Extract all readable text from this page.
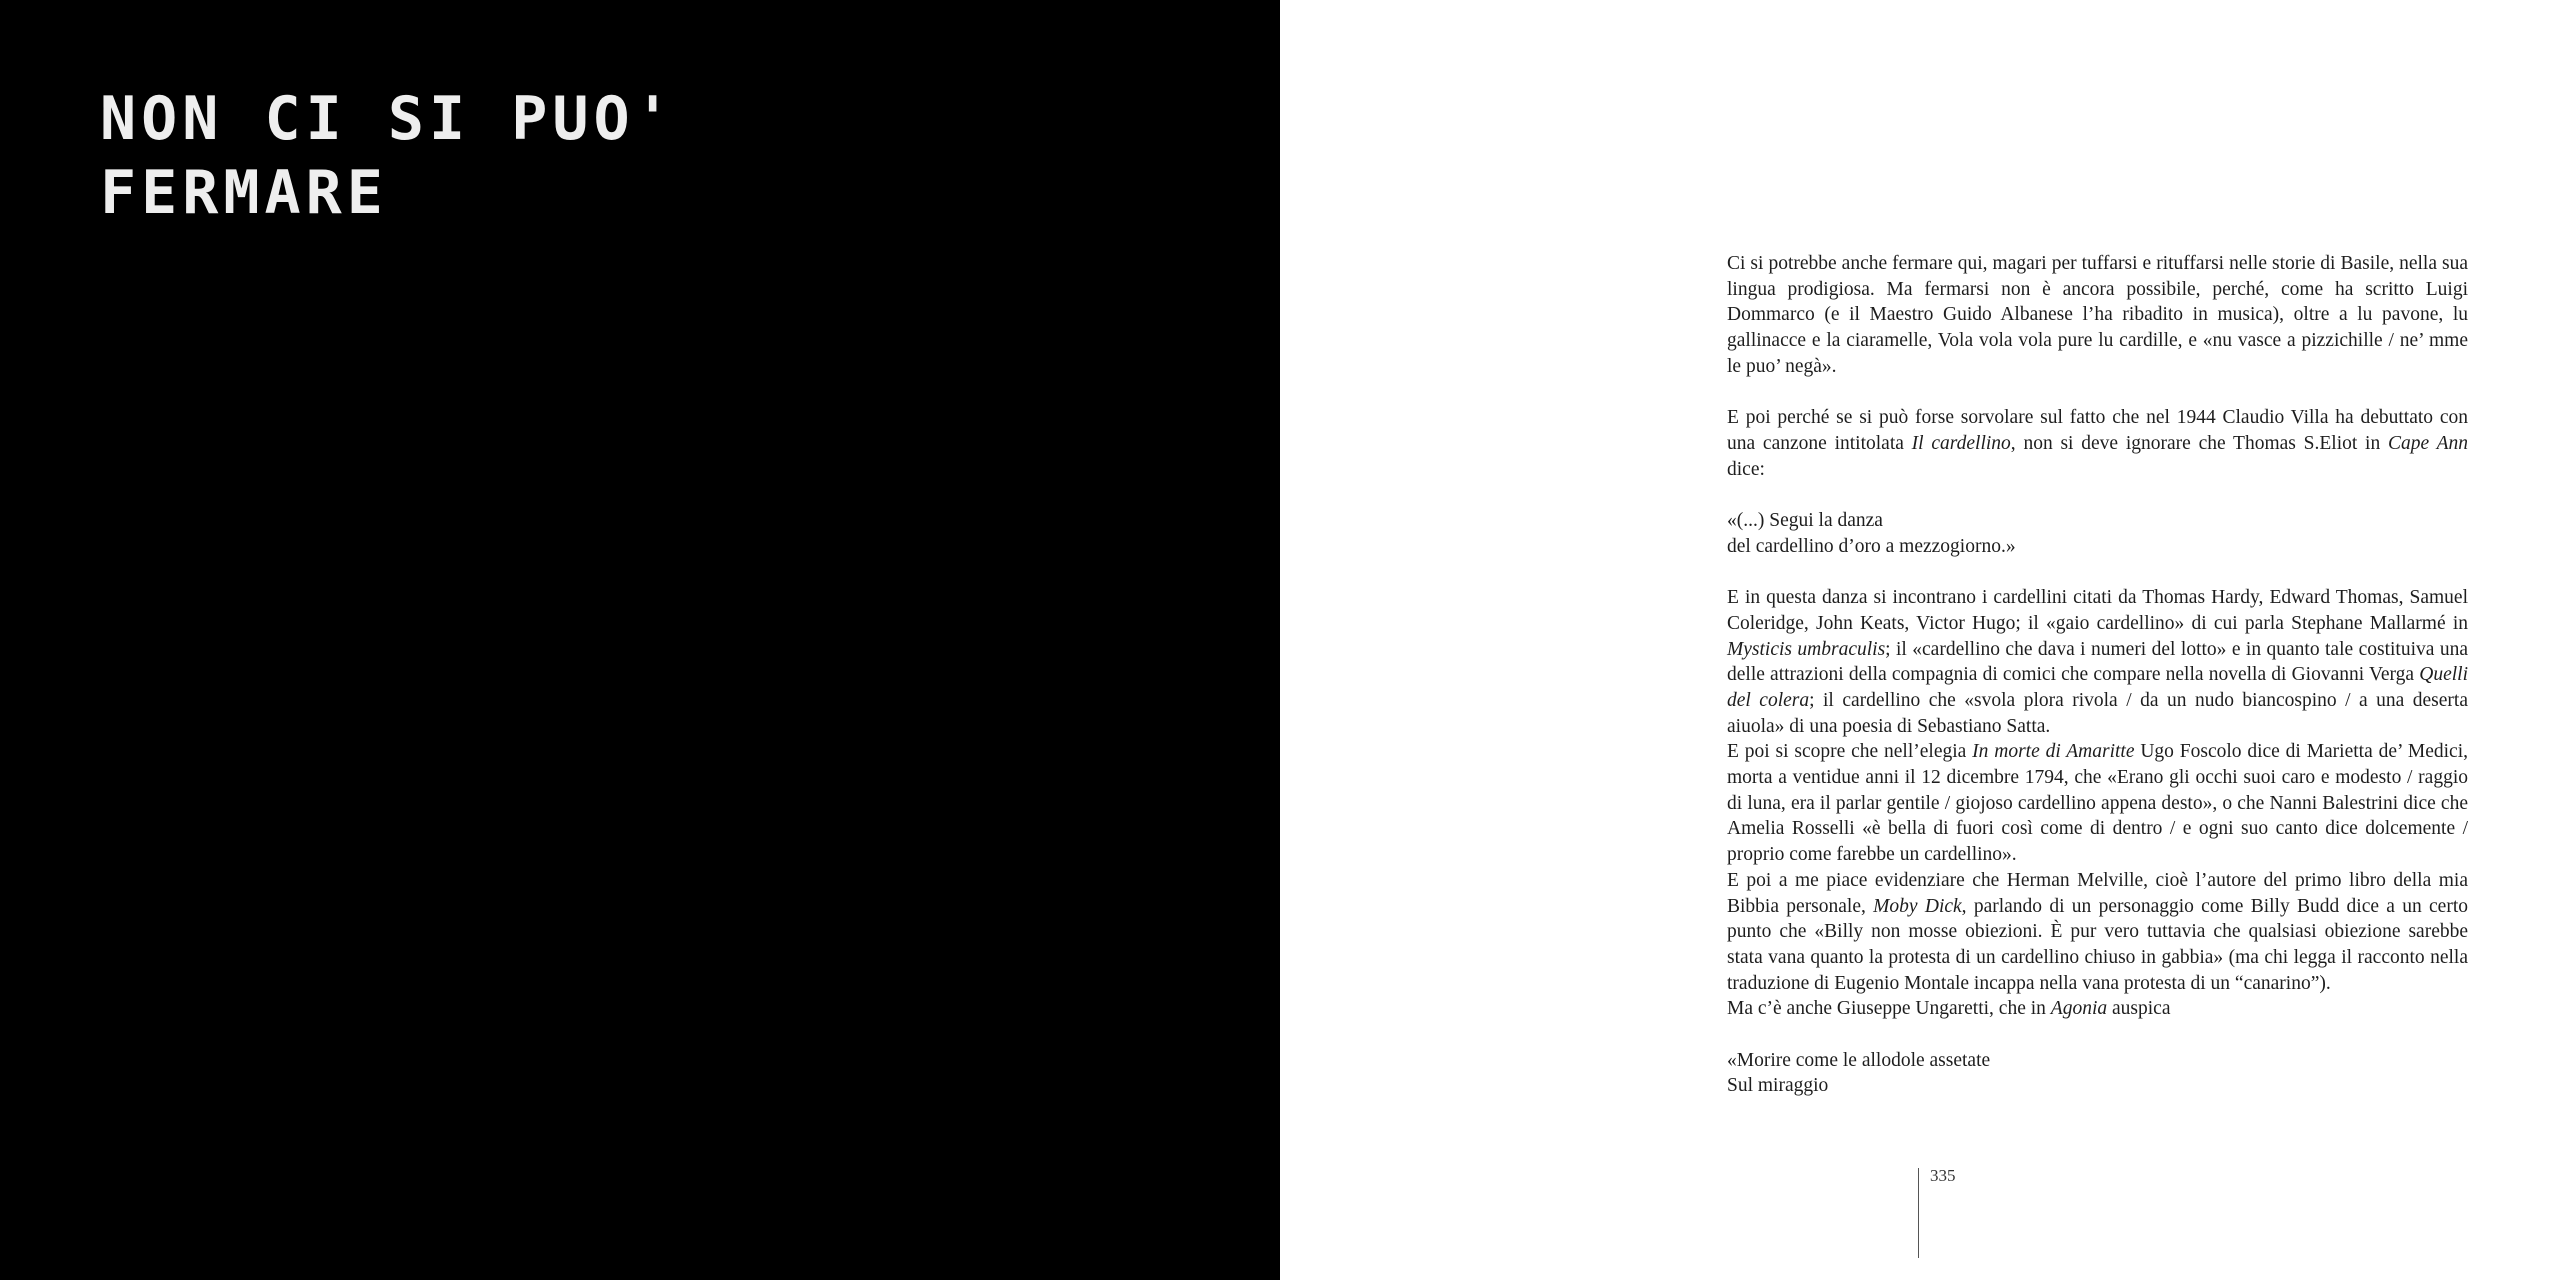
NON CI SI PUO'
FERMARE

Ci si potrebbe anche fermare qui, magari per tuffarsi e rituffarsi nelle storie di Basile, nella sua lingua prodigiosa. Ma fermarsi non è ancora possibile, perché, come ha scritto Luigi Dommarco (e il Maestro Guido Albanese l’ha ribadito in musica), oltre a lu pavone, lu gallinacce e la ciaramelle, Vola vola vola pure lu cardille, e «nu vasce a pizzichille / ne’ mme le puo’ negà».

E poi perché se si può forse sorvolare sul fatto che nel 1944 Claudio Villa ha debuttato con una canzone intitolata Il cardellino, non si deve ignorare che Thomas S.Eliot in Cape Ann dice:

«(...) Segui la danza
del cardellino d’oro a mezzogiorno.»

E in questa danza si incontrano i cardellini citati da Thomas Hardy, Edward Thomas, Samuel Coleridge, John Keats, Victor Hugo; il «gaio cardellino» di cui parla Stephane Mallarmé in Mysticis umbraculis; il «cardellino che dava i numeri del lotto» e in quanto tale costituiva una delle attrazioni della compagnia di comici che compare nella novella di Giovanni Verga Quelli del colera; il cardellino che «svola plora rivola / da un nudo biancospino / a una deserta aiuola» di una poesia di Sebastiano Satta.

E poi si scopre che nell’elegia In morte di Amaritte Ugo Foscolo dice di Marietta de’ Medici, morta a ventidue anni il 12 dicembre 1794, che «Erano gli occhi suoi caro e modesto / raggio di luna, era il parlar gentile / giojoso cardellino appena desto», o che Nanni Balestrini dice che Amelia Rosselli «è bella di fuori così come di dentro / e ogni suo canto dice dolcemente / proprio come farebbe un cardellino».

E poi a me piace evidenziare che Herman Melville, cioè l’autore del primo libro della mia Bibbia personale, Moby Dick, parlando di un personaggio come Billy Budd dice a un certo punto che «Billy non mosse obiezioni. È pur vero tuttavia che qualsiasi obiezione sarebbe stata vana quanto la protesta di un cardellino chiuso in gabbia» (ma chi legga il racconto nella traduzione di Eugenio Montale incappa nella vana protesta di un “canarino”).

Ma c’è anche Giuseppe Ungaretti, che in Agonia auspica

«Morire come le allodole assetate
Sul miraggio

335
